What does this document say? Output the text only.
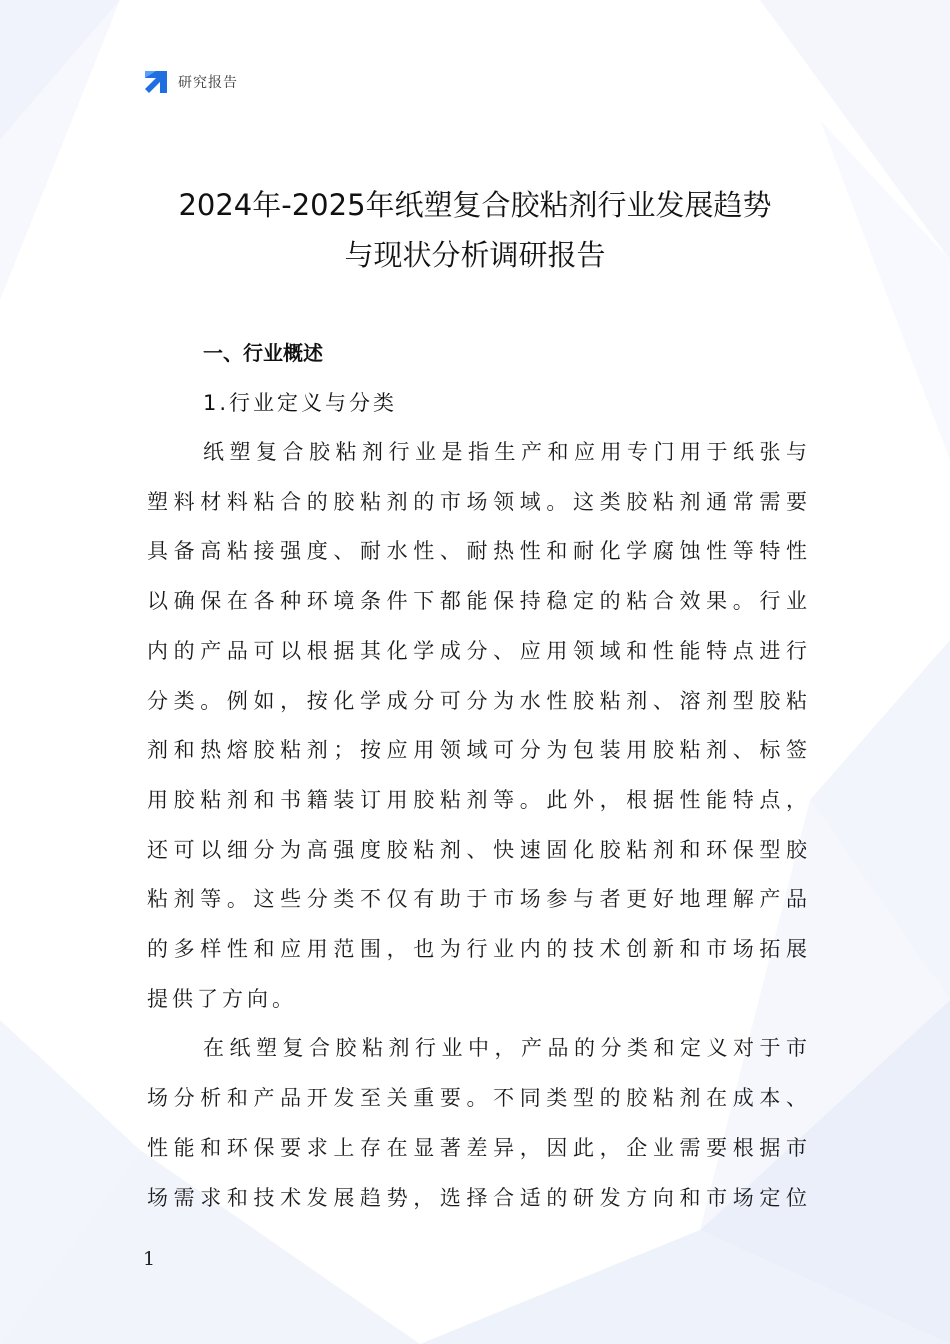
研究报告
2024年-2025年纸塑复合胶粘剂行业发展趋势
与现状分析调研报告

一、行业概述

1.行业定义与分类

纸塑复合胶粘剂行业是指生产和应用专门用于纸张与
塑料材料粘合的胶粘剂的市场领域。这类胶粘剂通常需要
具备高粘接强度、耐水性、耐热性和耐化学腐蚀性等特性
以确保在各种环境条件下都能保持稳定的粘合效果。行业
内的产品可以根据其化学成分、应用领域和性能特点进行
分类。例如，按化学成分可分为水性胶粘剂、溶剂型胶粘
剂和热熔胶粘剂；按应用领域可分为包装用胶粘剂、标签
用胶粘剂和书籍装订用胶粘剂等。此外，根据性能特点，
还可以细分为高强度胶粘剂、快速固化胶粘剂和环保型胶
粘剂等。这些分类不仅有助于市场参与者更好地理解产品
的多样性和应用范围，也为行业内的技术创新和市场拓展
提供了方向。

在纸塑复合胶粘剂行业中，产品的分类和定义对于市
场分析和产品开发至关重要。不同类型的胶粘剂在成本、
性能和环保要求上存在显著差异，因此，企业需要根据市
场需求和技术发展趋势，选择合适的研发方向和市场定位

1
